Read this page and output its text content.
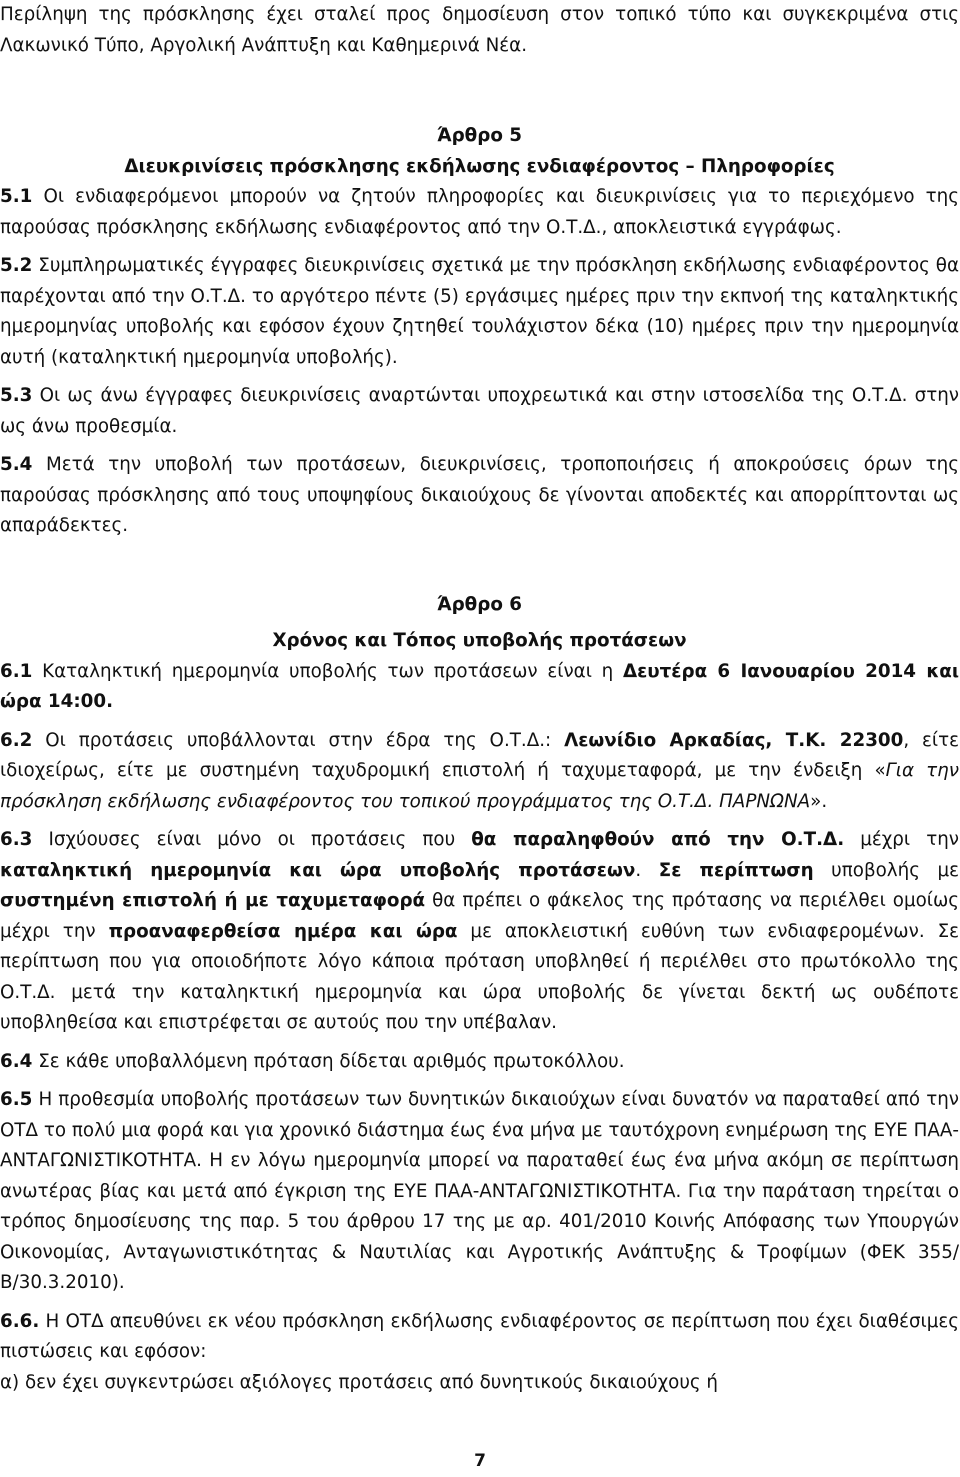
Περίληψη της πρόσκλησης έχει σταλεί προς δημοσίευση στον τοπικό τύπο και συγκεκριμένα στις Λακωνικό Τύπο, Αργολική Ανάπτυξη και Καθημερινά Νέα.

Άρθρο 5

Διευκρινίσεις πρόσκλησης εκδήλωσης ενδιαφέροντος – Πληροφορίες

5.1 Οι ενδιαφερόμενοι μπορούν να ζητούν πληροφορίες και διευκρινίσεις για το περιεχόμενο της παρούσας πρόσκλησης εκδήλωσης ενδιαφέροντος από την Ο.Τ.Δ., αποκλειστικά εγγράφως.

5.2 Συμπληρωματικές έγγραφες διευκρινίσεις σχετικά με την πρόσκληση εκδήλωσης ενδιαφέροντος θα παρέχονται από την Ο.Τ.Δ. το αργότερο πέντε (5) εργάσιμες ημέρες πριν την εκπνοή της καταληκτικής ημερομηνίας υποβολής και εφόσον έχουν ζητηθεί τουλάχιστον δέκα (10) ημέρες πριν την ημερομηνία αυτή (καταληκτική ημερομηνία υποβολής).

5.3 Οι ως άνω έγγραφες διευκρινίσεις αναρτώνται υποχρεωτικά και στην ιστοσελίδα της Ο.Τ.Δ. στην ως άνω προθεσμία.

5.4 Μετά την υποβολή των προτάσεων, διευκρινίσεις, τροποποιήσεις ή αποκρούσεις όρων της παρούσας πρόσκλησης από τους υποψηφίους δικαιούχους δε γίνονται αποδεκτές και απορρίπτονται ως απαράδεκτες.

Άρθρο 6

Χρόνος και Τόπος υποβολής προτάσεων

6.1 Καταληκτική ημερομηνία υποβολής των προτάσεων είναι η Δευτέρα 6 Ιανουαρίου 2014 και ώρα 14:00.

6.2 Οι προτάσεις υποβάλλονται στην έδρα της Ο.Τ.Δ.: Λεωνίδιο Αρκαδίας, Τ.Κ. 22300, είτε ιδιοχείρως, είτε με συστημένη ταχυδρομική επιστολή ή ταχυμεταφορά, με την ένδειξη «Για την πρόσκληση εκδήλωσης ενδιαφέροντος του τοπικού προγράμματος της Ο.Τ.Δ. ΠΑΡΝΩΝΑ».

6.3 Ισχύουσες είναι μόνο οι προτάσεις που θα παραληφθούν από την Ο.Τ.Δ. μέχρι την καταληκτική ημερομηνία και ώρα υποβολής προτάσεων. Σε περίπτωση υποβολής με συστημένη επιστολή ή με ταχυμεταφορά θα πρέπει ο φάκελος της πρότασης να περιέλθει ομοίως μέχρι την προαναφερθείσα ημέρα και ώρα με αποκλειστική ευθύνη των ενδιαφερομένων. Σε περίπτωση που για οποιοδήποτε λόγο κάποια πρόταση υποβληθεί ή περιέλθει στο πρωτόκολλο της Ο.Τ.Δ. μετά την καταληκτική ημερομηνία και ώρα υποβολής δε γίνεται δεκτή ως ουδέποτε υποβληθείσα και επιστρέφεται σε αυτούς που την υπέβαλαν.

6.4 Σε κάθε υποβαλλόμενη πρόταση δίδεται αριθμός πρωτοκόλλου.

6.5 Η προθεσμία υποβολής προτάσεων των δυνητικών δικαιούχων είναι δυνατόν να παραταθεί από την ΟΤΔ το πολύ μια φορά και για χρονικό διάστημα έως ένα μήνα με ταυτόχρονη ενημέρωση της ΕΥΕ ΠΑΑ-ΑΝΤΑΓΩΝΙΣΤΙΚΟΤΗΤΑ. Η εν λόγω ημερομηνία μπορεί να παραταθεί έως ένα μήνα ακόμη σε περίπτωση ανωτέρας βίας και μετά από έγκριση της ΕΥΕ ΠΑΑ-ΑΝΤΑΓΩΝΙΣΤΙΚΟΤΗΤΑ. Για την παράταση τηρείται ο τρόπος δημοσίευσης της παρ. 5 του άρθρου 17 της με αρ. 401/2010 Κοινής Απόφασης των Υπουργών Οικονομίας, Ανταγωνιστικότητας & Ναυτιλίας και Αγροτικής Ανάπτυξης & Τροφίμων (ΦΕΚ 355/Β/30.3.2010).

6.6. Η ΟΤΔ απευθύνει εκ νέου πρόσκληση εκδήλωσης ενδιαφέροντος σε περίπτωση που έχει διαθέσιμες πιστώσεις και εφόσον:

α) δεν έχει συγκεντρώσει αξιόλογες προτάσεις από δυνητικούς δικαιούχους ή

7
